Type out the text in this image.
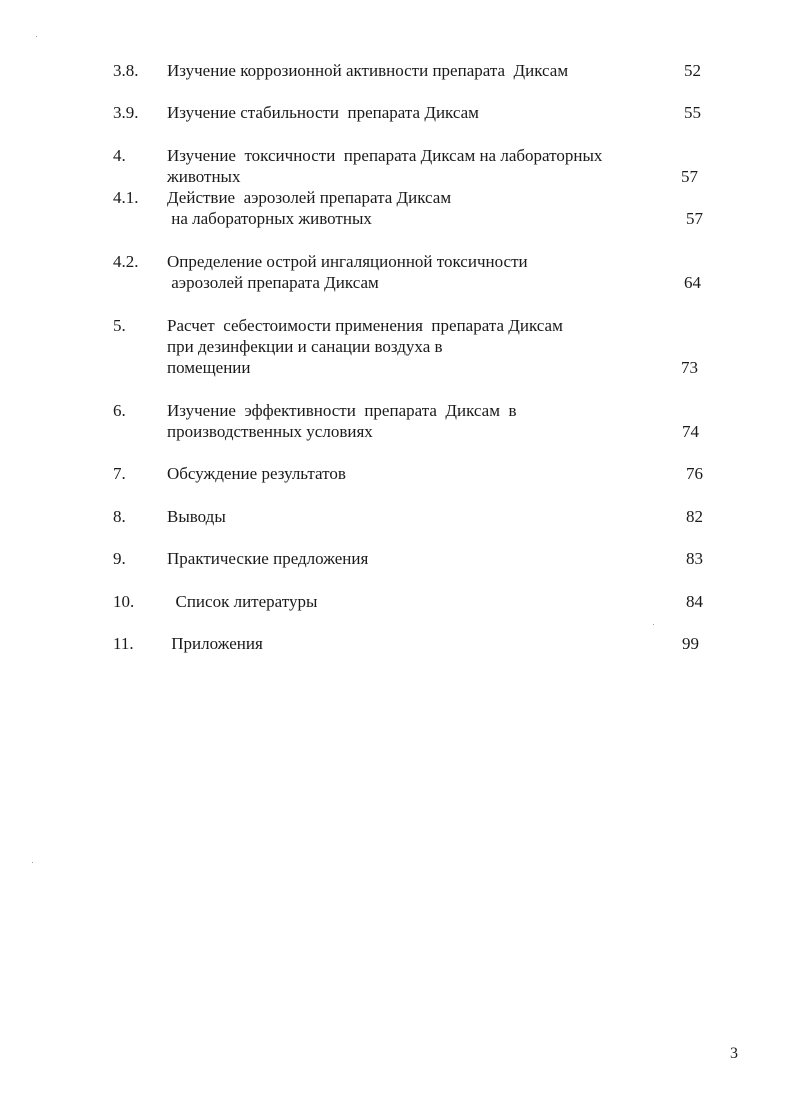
3.8. Изучение коррозионной активности препарата  Диксам	52
3.9. Изучение стабильности  препарата Диксам	55
4. Изучение  токсичности  препарата Диксам на лабораторных
животных	57
4.1. Действие  аэрозолей препарата Диксам
на лабораторных животных	57
4.2. Определение острой ингаляционной токсичности
аэрозолей препарата Диксам	64
5. Расчет  себестоимости применения  препарата Диксам
при дезинфекции и санации воздуха в
помещении	73
6. Изучение  эффективности  препарата  Диксам  в
производственных условиях	74
7. Обсуждение результатов	76
8. Выводы	82
9. Практические предложения	83
10. Список литературы	84
11. Приложения	99
3
